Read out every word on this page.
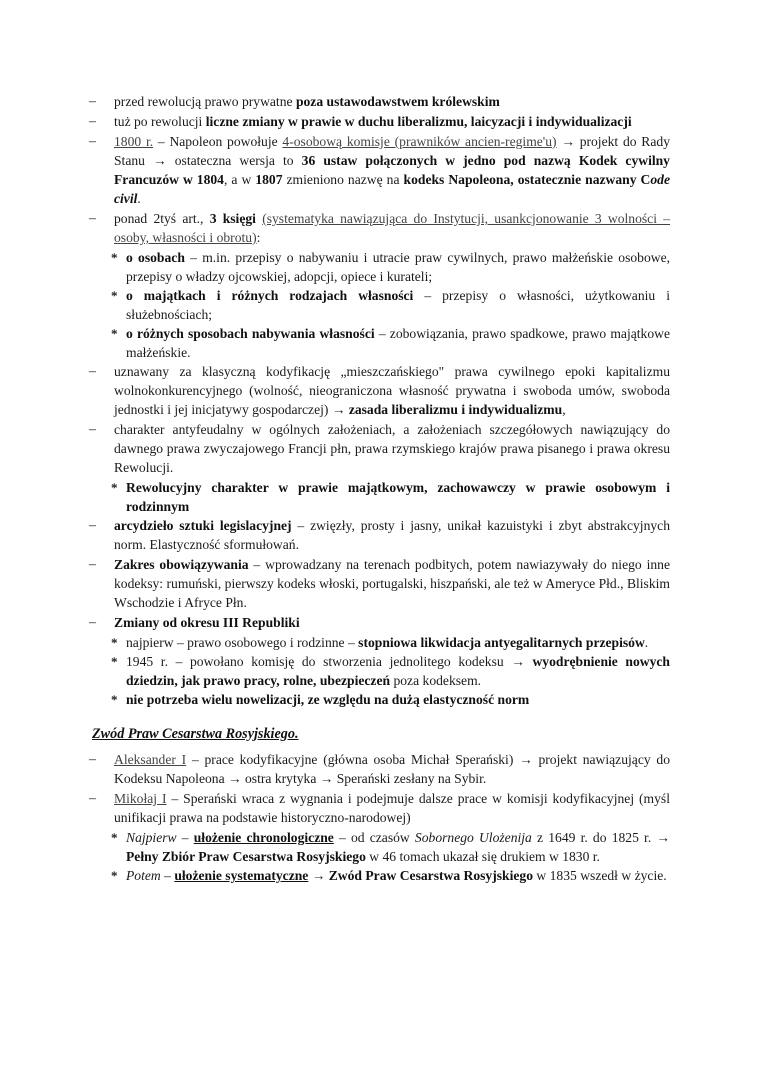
– przed rewolucją prawo prywatne poza ustawodawstwem królewskim
– tuż po rewolucji liczne zmiany w prawie w duchu liberalizmu, laicyzacji i indywidualizacji
– 1800 r. – Napoleon powołuje 4-osobową komisje (prawników ancien-regime'u) → projekt do Rady Stanu → ostateczna wersja to 36 ustaw połączonych w jedno pod nazwą Kodek cywilny Francuzów w 1804, a w 1807 zmieniono nazwę na kodeks Napoleona, ostatecznie nazwany Code civil.
– ponad 2tyś art., 3 księgi (systematyka nawiązująca do Instytucji, usankcjonowanie 3 wolności – osoby, własności i obrotu):
* o osobach – m.in. przepisy o nabywaniu i utracie praw cywilnych, prawo małżeńskie osobowe, przepisy o władzy ojcowskiej, adopcji, opiece i kurateli;
* o majątkach i różnych rodzajach własności – przepisy o własności, użytkowaniu i służebnościach;
* o różnych sposobach nabywania własności – zobowiązania, prawo spadkowe, prawo majątkowe małżeńskie.
– uznawany za klasyczną kodyfikację „mieszczańskiego" prawa cywilnego epoki kapitalizmu wolnokonkurencyjnego (wolność, nieograniczona własność prywatna i swoboda umów, swoboda jednostki i jej inicjatywy gospodarczej) → zasada liberalizmu i indywidualizmu,
– charakter antyfeudalny w ogólnych założeniach, a założeniach szczegółowych nawiązujący do dawnego prawa zwyczajowego Francji płn, prawa rzymskiego krajów prawa pisanego i prawa okresu Rewolucji.
* Rewolucyjny charakter w prawie majątkowym, zachowawczy w prawie osobowym i rodzinnym
– arcydzieło sztuki legislacyjnej – zwięzły, prosty i jasny, unikał kazuistyki i zbyt abstrakcyjnych norm. Elastyczność sformułowań.
– Zakres obowiązywania – wprowadzany na terenach podbitych, potem nawiazywały do niego inne kodeksy: rumuński, pierwszy kodeks włoski, portugalski, hiszpański, ale też w Ameryce Płd., Bliskim Wschodzie i Afryce Płn.
– Zmiany od okresu III Republiki
* najpierw – prawo osobowego i rodzinne – stopniowa likwidacja antyegalitarnych przepisów.
* 1945 r. – powołano komisję do stworzenia jednolitego kodeksu → wyodrębnienie nowych dziedzin, jak prawo pracy, rolne, ubezpieczeń poza kodeksem.
* nie potrzeba wielu nowelizacji, ze względu na dużą elastyczność norm
Zwód Praw Cesarstwa Rosyjskiego.
– Aleksander I – prace kodyfikacyjne (główna osoba Michał Sperański) → projekt nawiązujący do Kodeksu Napoleona → ostra krytyka → Sperański zesłany na Sybir.
– Mikołaj I – Sperański wraca z wygnania i podejmuje dalsze prace w komisji kodyfikacyjnej (myśl unifikacji prawa na podstawie historyczno-narodowej)
* Najpierw – ułożenie chronologiczne – od czasów Sobornego Ulożenija z 1649 r. do 1825 r. → Pełny Zbiór Praw Cesarstwa Rosyjskiego w 46 tomach ukazał się drukiem w 1830 r.
* Potem – ułożenie systematyczne → Zwód Praw Cesarstwa Rosyjskiego w 1835 wszedł w życie.
